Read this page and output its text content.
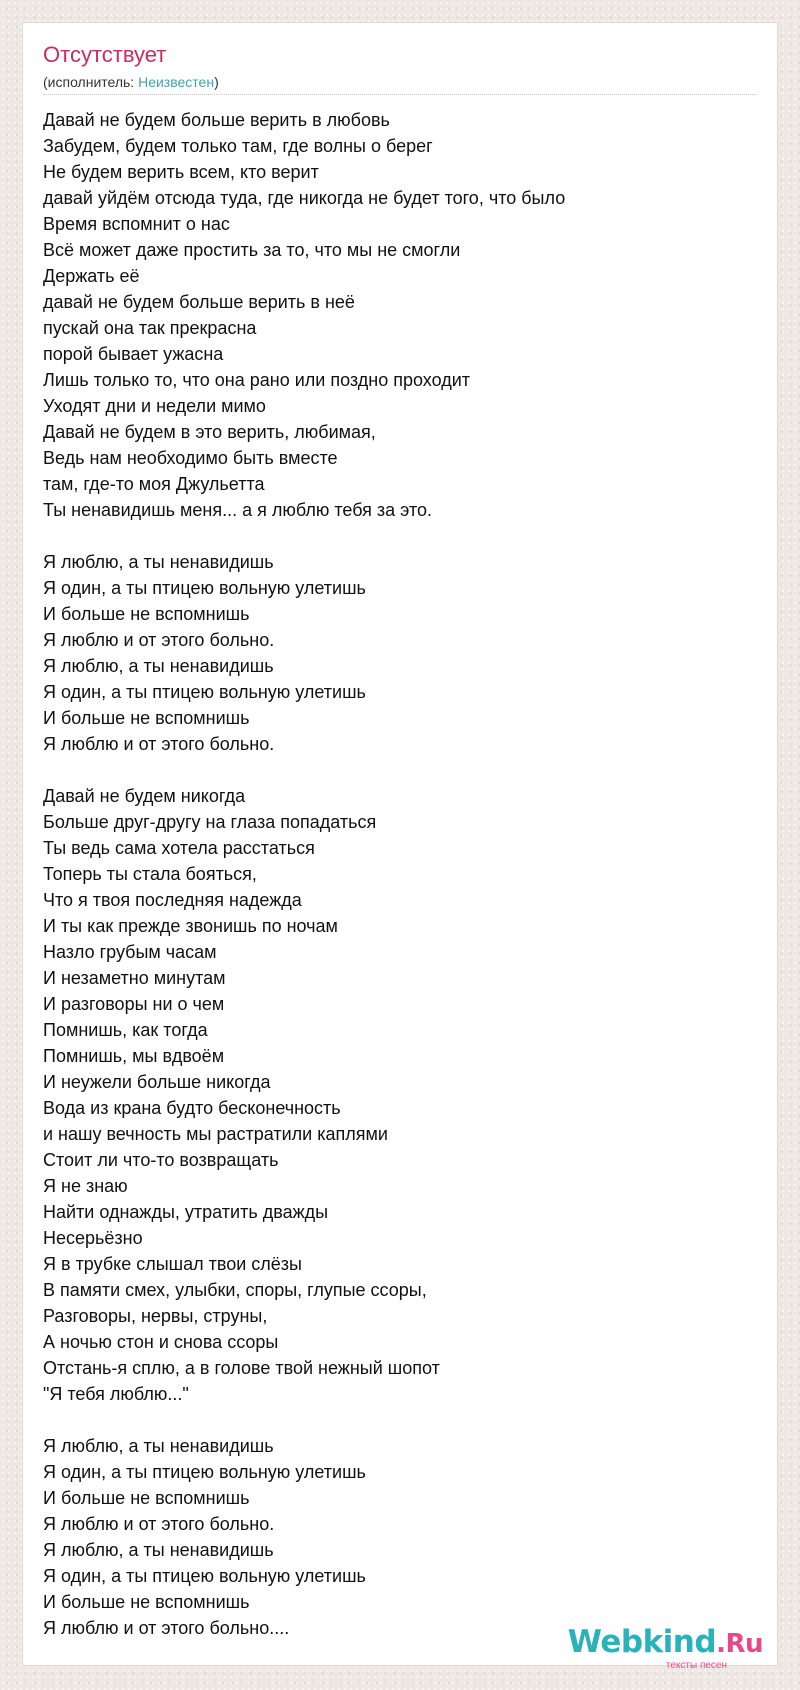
Отсутствует
(исполнитель: Неизвестен)
Давай не будем больше верить в любовь
Забудем, будем только там, где волны о берег
Не будем верить всем, кто верит
давай уйдём отсюда туда, где никогда не будет того, что было
Время вспомнит о нас
Всё может даже простить за то, что мы не смогли
Держать её
давай не будем больше верить в неё
пускай она так прекрасна
порой бывает ужасна
Лишь только то, что она рано или поздно проходит
Уходят дни и недели мимо
Давай не будем в это верить, любимая,
Ведь нам необходимо быть вместе
там, где-то моя Джульетта
Ты ненавидишь меня... а я люблю тебя за это.
Я люблю, а ты ненавидишь
Я один, а ты птицею вольную улетишь
И больше не вспомнишь
Я люблю и от этого больно.
Я люблю, а ты ненавидишь
Я один, а ты птицею вольную улетишь
И больше не вспомнишь
Я люблю и от этого больно.
Давай не будем никогда
Больше друг-другу на глаза попадаться
Ты ведь сама хотела расстаться
Топерь ты стала бояться,
Что я твоя последняя надежда
И ты как прежде звонишь по ночам
Назло грубым часам
И незаметно минутам
И разговоры ни о чем
Помнишь, как тогда
Помнишь, мы вдвоём
И неужели больше никогда
Вода из крана будто бесконечность
и нашу вечность мы растратили каплями
Стоит ли что-то возвращать
Я не знаю
Найти однажды, утратить дважды
Несерьёзно
Я в трубке слышал твои слёзы
В памяти смех, улыбки, споры, глупые ссоры,
Разговоры, нервы, струны,
А ночью стон и снова ссоры
Отстань-я сплю, а в голове твой нежный шопот
"Я тебя люблю..."
Я люблю, а ты ненавидишь
Я один, а ты птицею вольную улетишь
И больше не вспомнишь
Я люблю и от этого больно.
Я люблю, а ты ненавидишь
Я один, а ты птицею вольную улетишь
И больше не вспомнишь
Я люблю и от этого больно....	Webkind.Ru
тексты песен
